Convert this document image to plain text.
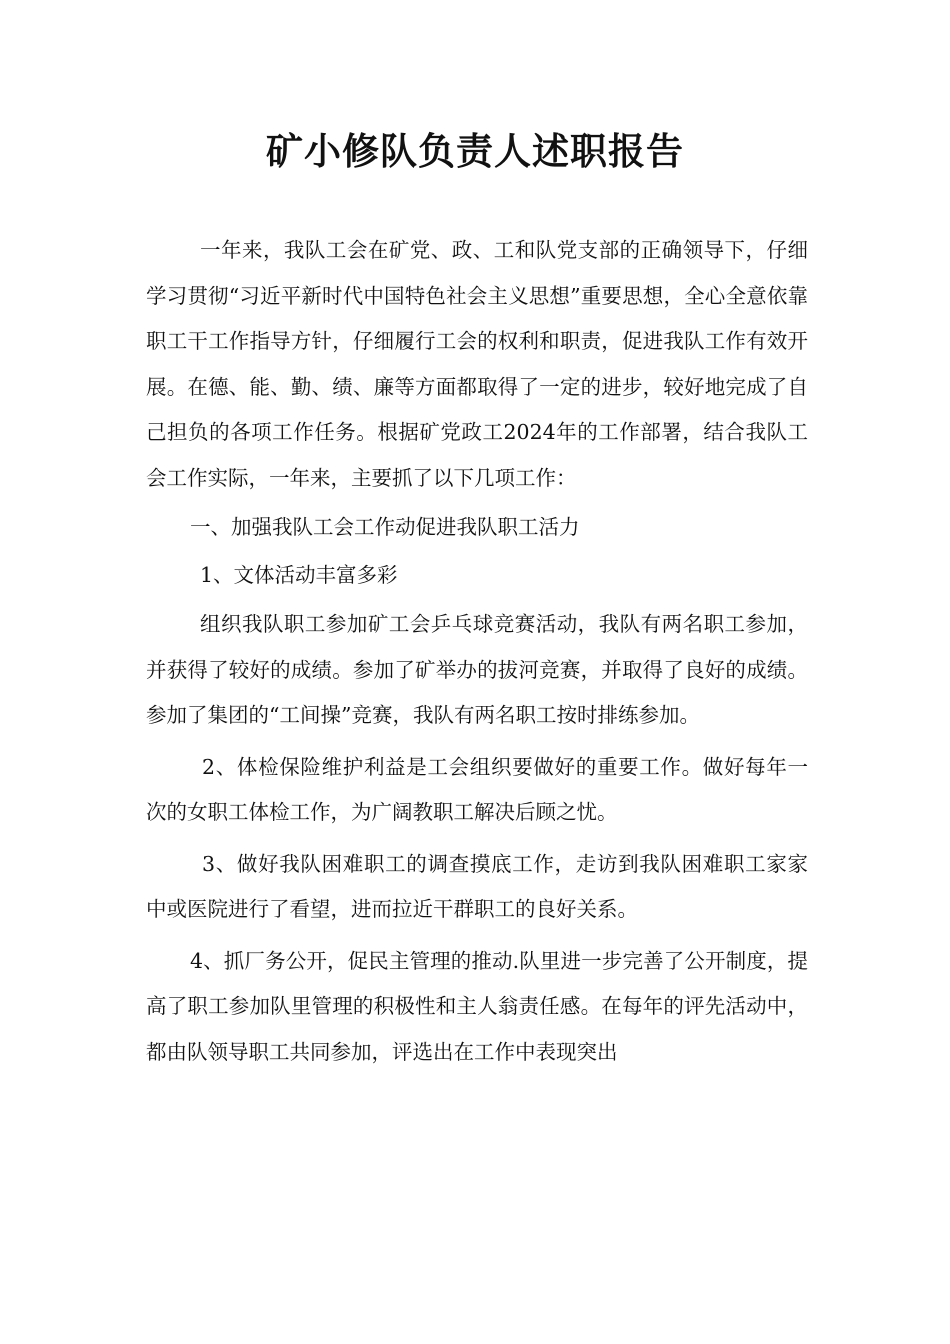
矿小修队负责人述职报告

一年来，我队工会在矿党、政、工和队党支部的正确领导下，仔细学习贯彻“习近平新时代中国特色社会主义思想”重要思想，全心全意依靠职工干工作指导方针，仔细履行工会的权利和职责，促进我队工作有效开展。在德、能、勤、绩、廉等方面都取得了一定的进步，较好地完成了自己担负的各项工作任务。根据矿党政工2024年的工作部署，结合我队工会工作实际，一年来，主要抓了以下几项工作：

一、加强我队工会工作动促进我队职工活力

1、文体活动丰富多彩

组织我队职工参加矿工会乒乓球竞赛活动，我队有两名职工参加，并获得了较好的成绩。参加了矿举办的拔河竞赛，并取得了良好的成绩。参加了集团的“工间操”竞赛，我队有两名职工按时排练参加。

2、体检保险维护利益是工会组织要做好的重要工作。做好每年一次的女职工体检工作，为广阔教职工解决后顾之忧。

3、做好我队困难职工的调查摸底工作，走访到我队困难职工家家中或医院进行了看望，进而拉近干群职工的良好关系。

4、抓厂务公开，促民主管理的推动.队里进一步完善了公开制度，提高了职工参加队里管理的积极性和主人翁责任感。在每年的评先活动中，都由队领导职工共同参加，评选出在工作中表现突出
